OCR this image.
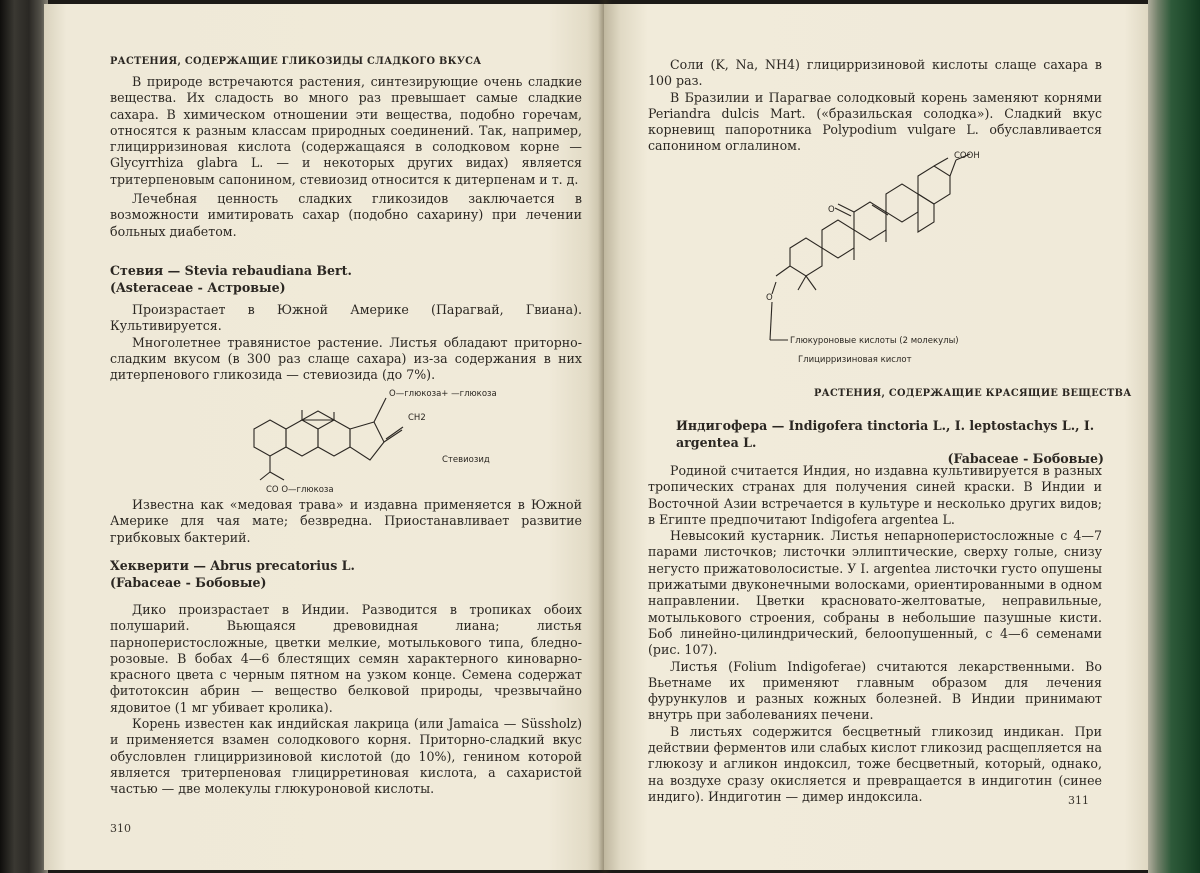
РАСТЕНИЯ, СОДЕРЖАЩИЕ ГЛИКОЗИДЫ СЛАДКОГО ВКУСА

В природе встречаются растения, синтезирующие очень сладкие вещества. Их сладость во много раз превышает самые сладкие сахара. В химическом отношении эти вещества, подобно горечам, относятся к разным классам природных соединений. Так, например, глицирризиновая кислота (содержащаяся в солодковом корне — Glycyrrhiza glabra L. — и некоторых других видах) является тритерпеновым сапонином, стевиозид относится к дитерпенам и т. д.

Лечебная ценность сладких гликозидов заключается в возможности имитировать сахар (подобно сахарину) при лечении больных диабетом.

Стевия — Stevia rebaudiana Bert.
(Asteraceae - Астровые)

Произрастает в Южной Америке (Парагвай, Гвиана). Культивируется.

Многолетнее травянистое растение. Листья обладают приторно-сладким вкусом (в 300 раз слаще сахара) из-за содержания в них дитерпенового гликозида — стевиозида (до 7%).

О—глюкоза+ —глюкоза
CH2
CO O—глюкоза
Стевиозид

Известна как «медовая трава» и издавна применяется в Южной Америке для чая мате; безвредна. Приостанавливает развитие грибковых бактерий.

Хекверити — Abrus precatorius L.
(Fabaceae - Бобовые)

Дико произрастает в Индии. Разводится в тропиках обоих полушарий. Вьющаяся древовидная лиана; листья парноперистосложные, цветки мелкие, мотылькового типа, бледно-розовые. В бобах 4—6 блестящих семян характерного киноварно-красного цвета с черным пятном на узком конце. Семена содержат фитотоксин абрин — вещество белковой природы, чрезвычайно ядовитое (1 мг убивает кролика).

Корень известен как индийская лакрица (или Jamaica — Süssholz) и применяется взамен солодкового корня. Приторно-сладкий вкус обусловлен глицирризиновой кислотой (до 10%), генином которой является тритерпеновая глицирретиновая кислота, а сахаристой частью — две молекулы глюкуроновой кислоты.

310

Соли (K, Na, NH4) глицирризиновой кислоты слаще сахара в 100 раз.

В Бразилии и Парагвае солодковый корень заменяют корнями Periandra dulcis Mart. («бразильская солодка»). Сладкий вкус корневищ папоротника Polypodium vulgare L. обуславливается сапонином оглалином.

COOH
O
O
Глюкуроновые кислоты (2 молекулы)
Глицирризиновая кислот
РАСТЕНИЯ, СОДЕРЖАЩИЕ КРАСЯЩИЕ ВЕЩЕСТВА
Индигофера — Indigofera tinctoria L., I. leptostachys L., I. argentea L.
(Fabaceae - Бобовые)

Родиной считается Индия, но издавна культивируется в разных тропических странах для получения синей краски. В Индии и Восточной Азии встречается в культуре и несколько других видов; в Египте предпочитают Indigofera argentea L.

Невысокий кустарник. Листья непарноперистосложные с 4—7 парами листочков; листочки эллиптические, сверху голые, снизу негусто прижатоволосистые. У I. argentea листочки густо опушены прижатыми двуконечными волосками, ориентированными в одном направлении. Цветки красновато-желтоватые, неправильные, мотылькового строения, собраны в небольшие пазушные кисти. Боб линейно-цилиндрический, белоопушенный, с 4—6 семенами (рис. 107).

Листья (Folium Indigoferae) считаются лекарственными. Во Вьетнаме их применяют главным образом для лечения фурункулов и разных кожных болезней. В Индии принимают внутрь при заболеваниях печени.

В листьях содержится бесцветный гликозид индикан. При действии ферментов или слабых кислот гликозид расщепляется на глюкозу и агликон индоксил, тоже бесцветный, который, однако, на воздухе сразу окисляется и превращается в индиготин (синее индиго). Индиготин — димер индоксила.	311
